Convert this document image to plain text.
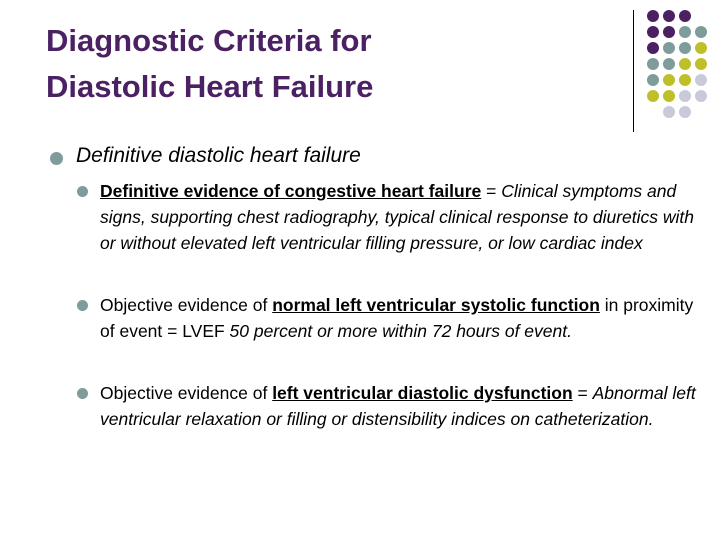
Diagnostic Criteria for
Diastolic Heart Failure
Definitive diastolic heart failure
Definitive evidence of congestive heart failure = Clinical symptoms and signs, supporting chest radiography, typical clinical response to diuretics with or without elevated left ventricular filling pressure, or low cardiac index
Objective evidence of normal left ventricular systolic function in proximity of event = LVEF 50 percent or more within 72 hours of event.
Objective evidence of left ventricular diastolic dysfunction = Abnormal left ventricular relaxation or filling or distensibility indices on catheterization.
